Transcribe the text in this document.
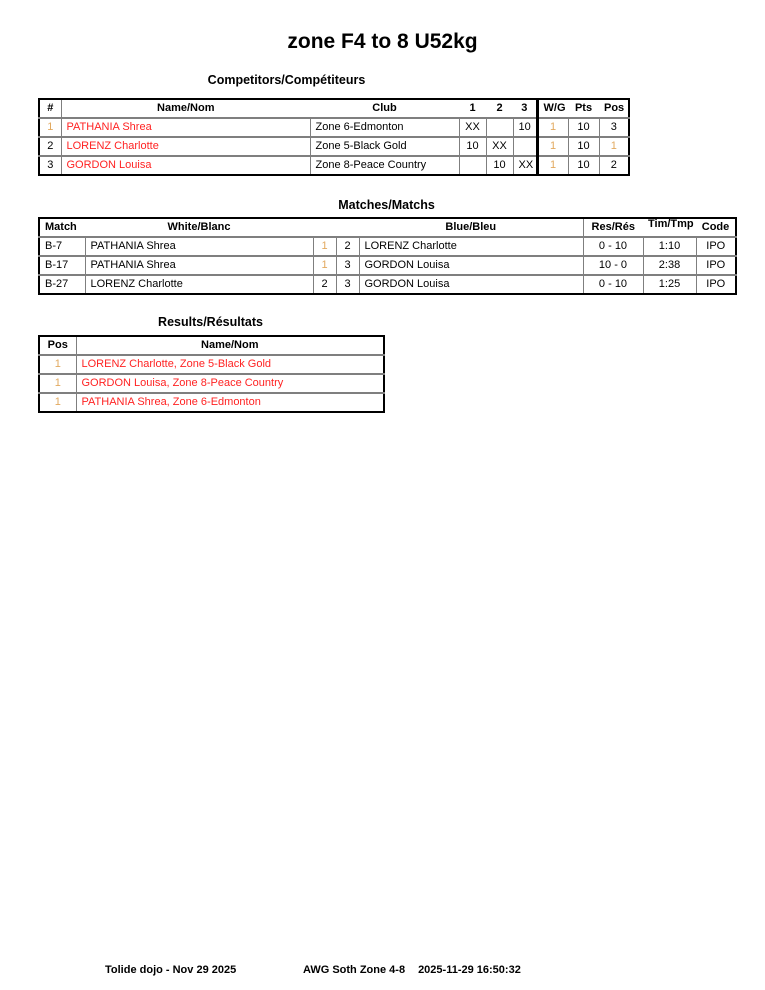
zone F4 to 8 U52kg
Competitors/Compétiteurs
#	Name/Nom	Club	1	2	3	W/G	Pts	Pos
1	PATHANIA Shrea	Zone 6-Edmonton	XX		10	1	10	3
2	LORENZ Charlotte	Zone 5-Black Gold	10	XX		1	10	1
3	GORDON Louisa	Zone 8-Peace Country		10	XX	1	10	2
Matches/Matchs
Match	White/Blanc			Blue/Bleu	Res/Rés	Tim/Tmp	Code
B-7	PATHANIA Shrea	1	2	LORENZ Charlotte	0 - 10	1:10	IPO
B-17	PATHANIA Shrea	1	3	GORDON Louisa	10 - 0	2:38	IPO
B-27	LORENZ Charlotte	2	3	GORDON Louisa	0 - 10	1:25	IPO
Results/Résultats
Pos	Name/Nom
1	LORENZ Charlotte, Zone 5-Black Gold
1	GORDON Louisa, Zone 8-Peace Country
1	PATHANIA Shrea, Zone 6-Edmonton
Tolide dojo - Nov 29 2025	AWG Soth Zone 4-8 2025-11-29 16:50:32
